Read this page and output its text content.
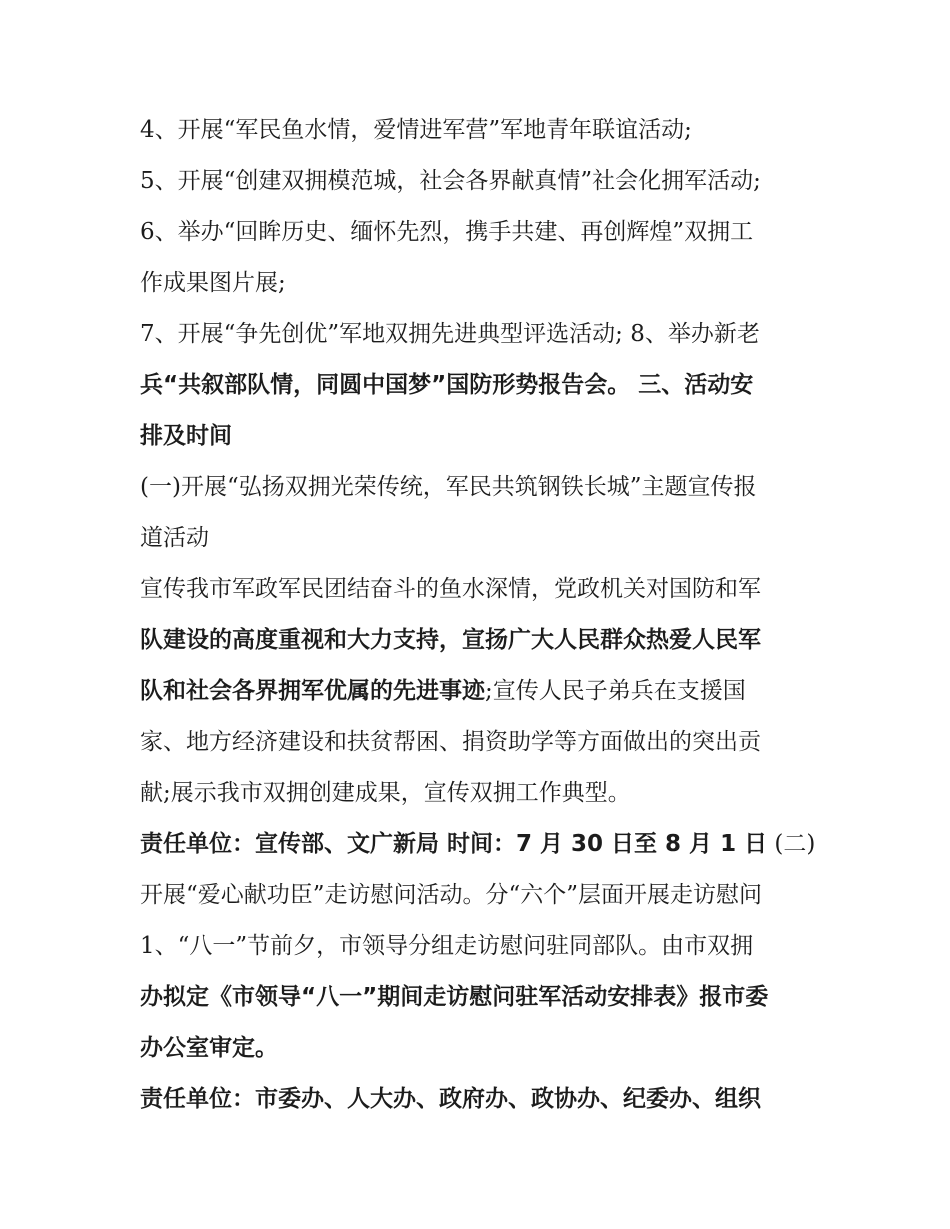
4、开展“军民鱼水情，爱情进军营”军地青年联谊活动;
5、开展“创建双拥模范城，社会各界献真情”社会化拥军活动;
6、举办“回眸历史、缅怀先烈，携手共建、再创辉煌”双拥工
作成果图片展;
7、开展“争先创优”军地双拥先进典型评选活动; 8、举办新老
兵“共叙部队情，同圆中国梦”国防形势报告会。 三、活动安
排及时间
(一)开展“弘扬双拥光荣传统，军民共筑钢铁长城”主题宣传报
道活动
宣传我市军政军民团结奋斗的鱼水深情，党政机关对国防和军
队建设的高度重视和大力支持，宣扬广大人民群众热爱人民军
队和社会各界拥军优属的先进事迹;宣传人民子弟兵在支援国
家、地方经济建设和扶贫帮困、捐资助学等方面做出的突出贡
献;展示我市双拥创建成果，宣传双拥工作典型。
责任单位：宣传部、文广新局 时间：7 月 30 日至 8 月 1 日 (二)
开展“爱心献功臣”走访慰问活动。分“六个”层面开展走访慰问
1、“八一”节前夕，市领导分组走访慰问驻同部队。由市双拥
办拟定《市领导“八一”期间走访慰问驻军活动安排表》报市委
办公室审定。
责任单位：市委办、人大办、政府办、政协办、纪委办、组织
